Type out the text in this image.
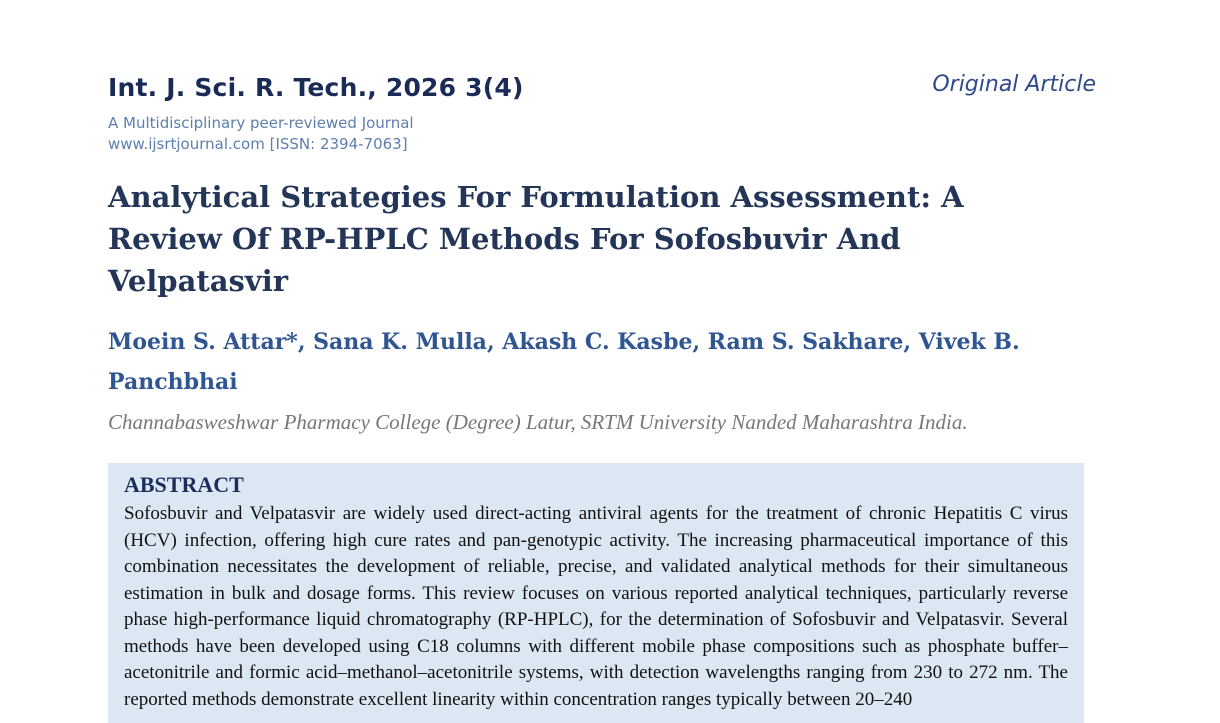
Int. J. Sci. R. Tech., 2026 3(4)	Original Article
A Multidisciplinary peer-reviewed Journal
www.ijsrtjournal.com [ISSN: 2394-7063]
Analytical Strategies For Formulation Assessment: A Review Of RP-HPLC Methods For Sofosbuvir And Velpatasvir
Moein S. Attar*, Sana K. Mulla, Akash C. Kasbe, Ram S. Sakhare, Vivek B. Panchbhai
Channabasweshwar Pharmacy College (Degree) Latur, SRTM University Nanded Maharashtra India.
ABSTRACT

Sofosbuvir and Velpatasvir are widely used direct-acting antiviral agents for the treatment of chronic Hepatitis C virus (HCV) infection, offering high cure rates and pan-genotypic activity. The increasing pharmaceutical importance of this combination necessitates the development of reliable, precise, and validated analytical methods for their simultaneous estimation in bulk and dosage forms. This review focuses on various reported analytical techniques, particularly reverse phase high-performance liquid chromatography (RP-HPLC), for the determination of Sofosbuvir and Velpatasvir. Several methods have been developed using C18 columns with different mobile phase compositions such as phosphate buffer–acetonitrile and formic acid–methanol–acetonitrile systems, with detection wavelengths ranging from 230 to 272 nm. The reported methods demonstrate excellent linearity within concentration ranges typically between 20–240
